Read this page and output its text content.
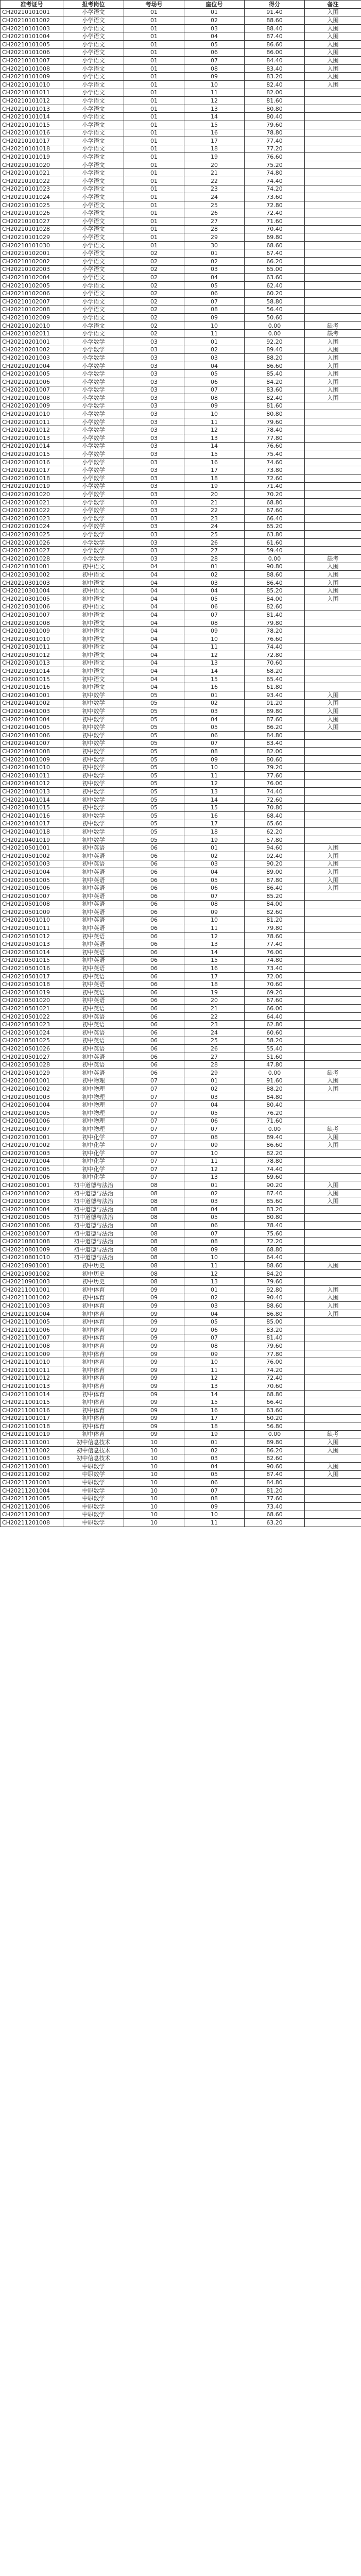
准考证号	报考岗位	考场号	座位号	得分	备注
CH20210101001	小学语文	01	01	91.40	入围
CH20210101002	小学语文	01	02	88.60	入围
CH20210101003	小学语文	01	03	88.40	入围
CH20210101004	小学语文	01	04	87.40	入围
CH20210101005	小学语文	01	05	86.60	入围
CH20210101006	小学语文	01	06	86.00	入围
CH20210101007	小学语文	01	07	84.40	入围
CH20210101008	小学语文	01	08	83.40	入围
CH20210101009	小学语文	01	09	83.20	入围
CH20210101010	小学语文	01	10	82.40	入围
CH20210101011	小学语文	01	11	82.00	
CH20210101012	小学语文	01	12	81.60	
CH20210101013	小学语文	01	13	80.80	
CH20210101014	小学语文	01	14	80.40	
CH20210101015	小学语文	01	15	79.60	
CH20210101016	小学语文	01	16	78.80	
CH20210101017	小学语文	01	17	77.40	
CH20210101018	小学语文	01	18	77.20	
CH20210101019	小学语文	01	19	76.60	
CH20210101020	小学语文	01	20	75.20	
CH20210101021	小学语文	01	21	74.80	
CH20210101022	小学语文	01	22	74.40	
CH20210101023	小学语文	01	23	74.20	
CH20210101024	小学语文	01	24	73.60	
CH20210101025	小学语文	01	25	72.80	
CH20210101026	小学语文	01	26	72.40	
CH20210101027	小学语文	01	27	71.60	
CH20210101028	小学语文	01	28	70.40	
CH20210101029	小学语文	01	29	69.80	
CH20210101030	小学语文	01	30	68.60	
CH20210102001	小学语文	02	01	67.40	
CH20210102002	小学语文	02	02	66.20	
CH20210102003	小学语文	02	03	65.00	
CH20210102004	小学语文	02	04	63.60	
CH20210102005	小学语文	02	05	62.40	
CH20210102006	小学语文	02	06	60.20	
CH20210102007	小学语文	02	07	58.80	
CH20210102008	小学语文	02	08	56.40	
CH20210102009	小学语文	02	09	50.60	
CH20210102010	小学语文	02	10	0.00	缺考
CH20210102011	小学语文	02	11	0.00	缺考
CH20210201001	小学数学	03	01	92.20	入围
CH20210201002	小学数学	03	02	89.40	入围
CH20210201003	小学数学	03	03	88.20	入围
CH20210201004	小学数学	03	04	86.60	入围
CH20210201005	小学数学	03	05	85.40	入围
CH20210201006	小学数学	03	06	84.20	入围
CH20210201007	小学数学	03	07	83.60	入围
CH20210201008	小学数学	03	08	82.40	入围
CH20210201009	小学数学	03	09	81.60	
CH20210201010	小学数学	03	10	80.80	
CH20210201011	小学数学	03	11	79.60	
CH20210201012	小学数学	03	12	78.40	
CH20210201013	小学数学	03	13	77.80	
CH20210201014	小学数学	03	14	76.60	
CH20210201015	小学数学	03	15	75.40	
CH20210201016	小学数学	03	16	74.60	
CH20210201017	小学数学	03	17	73.80	
CH20210201018	小学数学	03	18	72.60	
CH20210201019	小学数学	03	19	71.40	
CH20210201020	小学数学	03	20	70.20	
CH20210201021	小学数学	03	21	68.80	
CH20210201022	小学数学	03	22	67.60	
CH20210201023	小学数学	03	23	66.40	
CH20210201024	小学数学	03	24	65.20	
CH20210201025	小学数学	03	25	63.80	
CH20210201026	小学数学	03	26	61.60	
CH20210201027	小学数学	03	27	59.40	
CH20210201028	小学数学	03	28	0.00	缺考
CH20210301001	初中语文	04	01	90.80	入围
CH20210301002	初中语文	04	02	88.60	入围
CH20210301003	初中语文	04	03	86.40	入围
CH20210301004	初中语文	04	04	85.20	入围
CH20210301005	初中语文	04	05	84.00	入围
CH20210301006	初中语文	04	06	82.60	
CH20210301007	初中语文	04	07	81.40	
CH20210301008	初中语文	04	08	79.80	
CH20210301009	初中语文	04	09	78.20	
CH20210301010	初中语文	04	10	76.60	
CH20210301011	初中语文	04	11	74.40	
CH20210301012	初中语文	04	12	72.80	
CH20210301013	初中语文	04	13	70.60	
CH20210301014	初中语文	04	14	68.20	
CH20210301015	初中语文	04	15	65.40	
CH20210301016	初中语文	04	16	61.80	
CH20210401001	初中数学	05	01	93.40	入围
CH20210401002	初中数学	05	02	91.20	入围
CH20210401003	初中数学	05	03	89.80	入围
CH20210401004	初中数学	05	04	87.60	入围
CH20210401005	初中数学	05	05	86.20	入围
CH20210401006	初中数学	05	06	84.80	
CH20210401007	初中数学	05	07	83.40	
CH20210401008	初中数学	05	08	82.00	
CH20210401009	初中数学	05	09	80.60	
CH20210401010	初中数学	05	10	79.20	
CH20210401011	初中数学	05	11	77.60	
CH20210401012	初中数学	05	12	76.00	
CH20210401013	初中数学	05	13	74.40	
CH20210401014	初中数学	05	14	72.60	
CH20210401015	初中数学	05	15	70.80	
CH20210401016	初中数学	05	16	68.40	
CH20210401017	初中数学	05	17	65.60	
CH20210401018	初中数学	05	18	62.20	
CH20210401019	初中数学	05	19	57.80	
CH20210501001	初中英语	06	01	94.60	入围
CH20210501002	初中英语	06	02	92.40	入围
CH20210501003	初中英语	06	03	90.20	入围
CH20210501004	初中英语	06	04	89.00	入围
CH20210501005	初中英语	06	05	87.80	入围
CH20210501006	初中英语	06	06	86.40	入围
CH20210501007	初中英语	06	07	85.20	
CH20210501008	初中英语	06	08	84.00	
CH20210501009	初中英语	06	09	82.60	
CH20210501010	初中英语	06	10	81.20	
CH20210501011	初中英语	06	11	79.80	
CH20210501012	初中英语	06	12	78.60	
CH20210501013	初中英语	06	13	77.40	
CH20210501014	初中英语	06	14	76.00	
CH20210501015	初中英语	06	15	74.80	
CH20210501016	初中英语	06	16	73.40	
CH20210501017	初中英语	06	17	72.00	
CH20210501018	初中英语	06	18	70.60	
CH20210501019	初中英语	06	19	69.20	
CH20210501020	初中英语	06	20	67.60	
CH20210501021	初中英语	06	21	66.00	
CH20210501022	初中英语	06	22	64.40	
CH20210501023	初中英语	06	23	62.80	
CH20210501024	初中英语	06	24	60.60	
CH20210501025	初中英语	06	25	58.20	
CH20210501026	初中英语	06	26	55.40	
CH20210501027	初中英语	06	27	51.60	
CH20210501028	初中英语	06	28	47.80	
CH20210501029	初中英语	06	29	0.00	缺考
CH20210601001	初中物理	07	01	91.60	入围
CH20210601002	初中物理	07	02	88.20	入围
CH20210601003	初中物理	07	03	84.80	
CH20210601004	初中物理	07	04	80.40	
CH20210601005	初中物理	07	05	76.20	
CH20210601006	初中物理	07	06	71.60	
CH20210601007	初中物理	07	07	0.00	缺考
CH20210701001	初中化学	07	08	89.40	入围
CH20210701002	初中化学	07	09	86.60	入围
CH20210701003	初中化学	07	10	82.20	
CH20210701004	初中化学	07	11	78.80	
CH20210701005	初中化学	07	12	74.40	
CH20210701006	初中化学	07	13	69.60	
CH20210801001	初中道德与法治	08	01	90.20	入围
CH20210801002	初中道德与法治	08	02	87.40	入围
CH20210801003	初中道德与法治	08	03	85.60	入围
CH20210801004	初中道德与法治	08	04	83.20	
CH20210801005	初中道德与法治	08	05	80.80	
CH20210801006	初中道德与法治	08	06	78.40	
CH20210801007	初中道德与法治	08	07	75.60	
CH20210801008	初中道德与法治	08	08	72.20	
CH20210801009	初中道德与法治	08	09	68.80	
CH20210801010	初中道德与法治	08	10	64.40	
CH20210901001	初中历史	08	11	88.60	入围
CH20210901002	初中历史	08	12	84.20	
CH20210901003	初中历史	08	13	79.60	
CH20211001001	初中体育	09	01	92.80	入围
CH20211001002	初中体育	09	02	90.40	入围
CH20211001003	初中体育	09	03	88.60	入围
CH20211001004	初中体育	09	04	86.80	入围
CH20211001005	初中体育	09	05	85.00	
CH20211001006	初中体育	09	06	83.20	
CH20211001007	初中体育	09	07	81.40	
CH20211001008	初中体育	09	08	79.60	
CH20211001009	初中体育	09	09	77.80	
CH20211001010	初中体育	09	10	76.00	
CH20211001011	初中体育	09	11	74.20	
CH20211001012	初中体育	09	12	72.40	
CH20211001013	初中体育	09	13	70.60	
CH20211001014	初中体育	09	14	68.80	
CH20211001015	初中体育	09	15	66.40	
CH20211001016	初中体育	09	16	63.60	
CH20211001017	初中体育	09	17	60.20	
CH20211001018	初中体育	09	18	56.80	
CH20211001019	初中体育	09	19	0.00	缺考
CH20211101001	初中信息技术	10	01	89.80	入围
CH20211101002	初中信息技术	10	02	86.20	入围
CH20211101003	初中信息技术	10	03	82.60	
CH20211201001	中职数学	10	04	90.60	入围
CH20211201002	中职数学	10	05	87.40	入围
CH20211201003	中职数学	10	06	84.80	
CH20211201004	中职数学	10	07	81.20	
CH20211201005	中职数学	10	08	77.60	
CH20211201006	中职数学	10	09	73.40	
CH20211201007	中职数学	10	10	68.60	
CH20211201008	中职数学	10	11	63.20	
